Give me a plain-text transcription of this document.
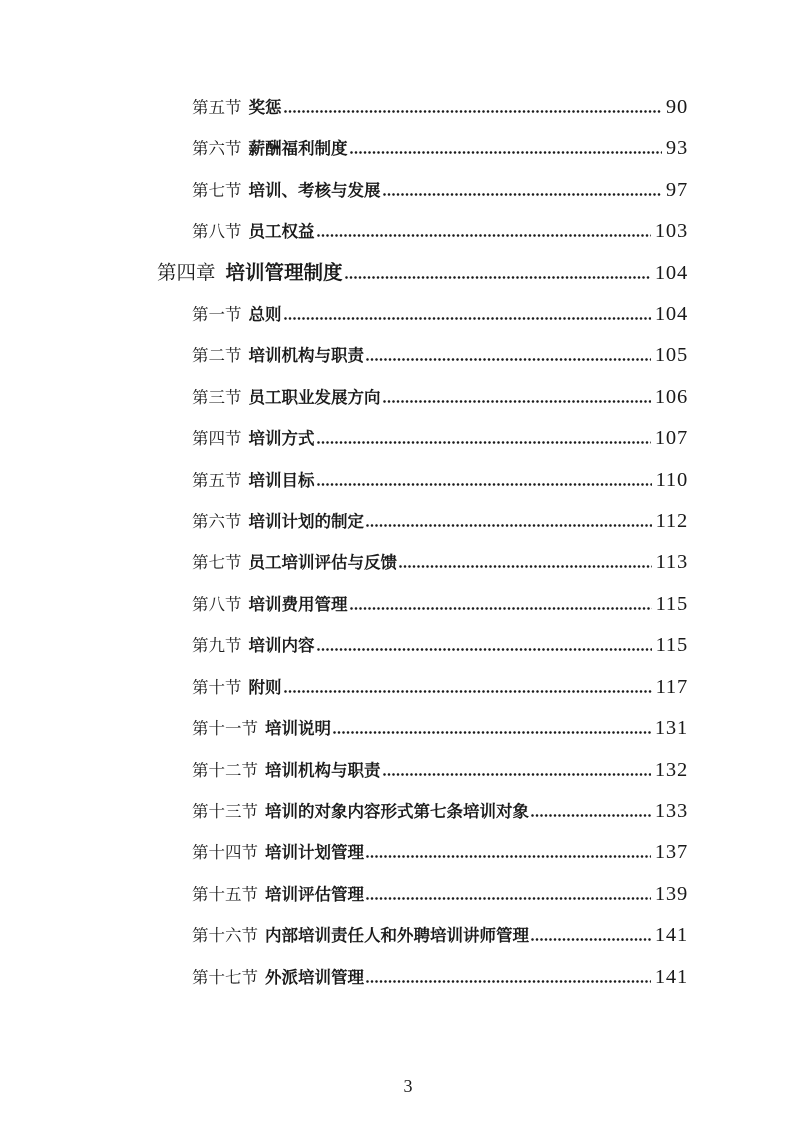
第五节 奖惩	90
第六节 薪酬福利制度	93
第七节 培训、考核与发展	97
第八节 员工权益	103
第四章 培训管理制度	104
第一节 总则	104
第二节 培训机构与职责	105
第三节 员工职业发展方向	106
第四节 培训方式	107
第五节 培训目标	110
第六节 培训计划的制定	112
第七节 员工培训评估与反馈	113
第八节 培训费用管理	115
第九节 培训内容	115
第十节 附则	117
第十一节 培训说明	131
第十二节 培训机构与职责	132
第十三节 培训的对象内容形式第七条培训对象	133
第十四节 培训计划管理	137
第十五节 培训评估管理	139
第十六节 内部培训责任人和外聘培训讲师管理	141
第十七节 外派培训管理	141
3
